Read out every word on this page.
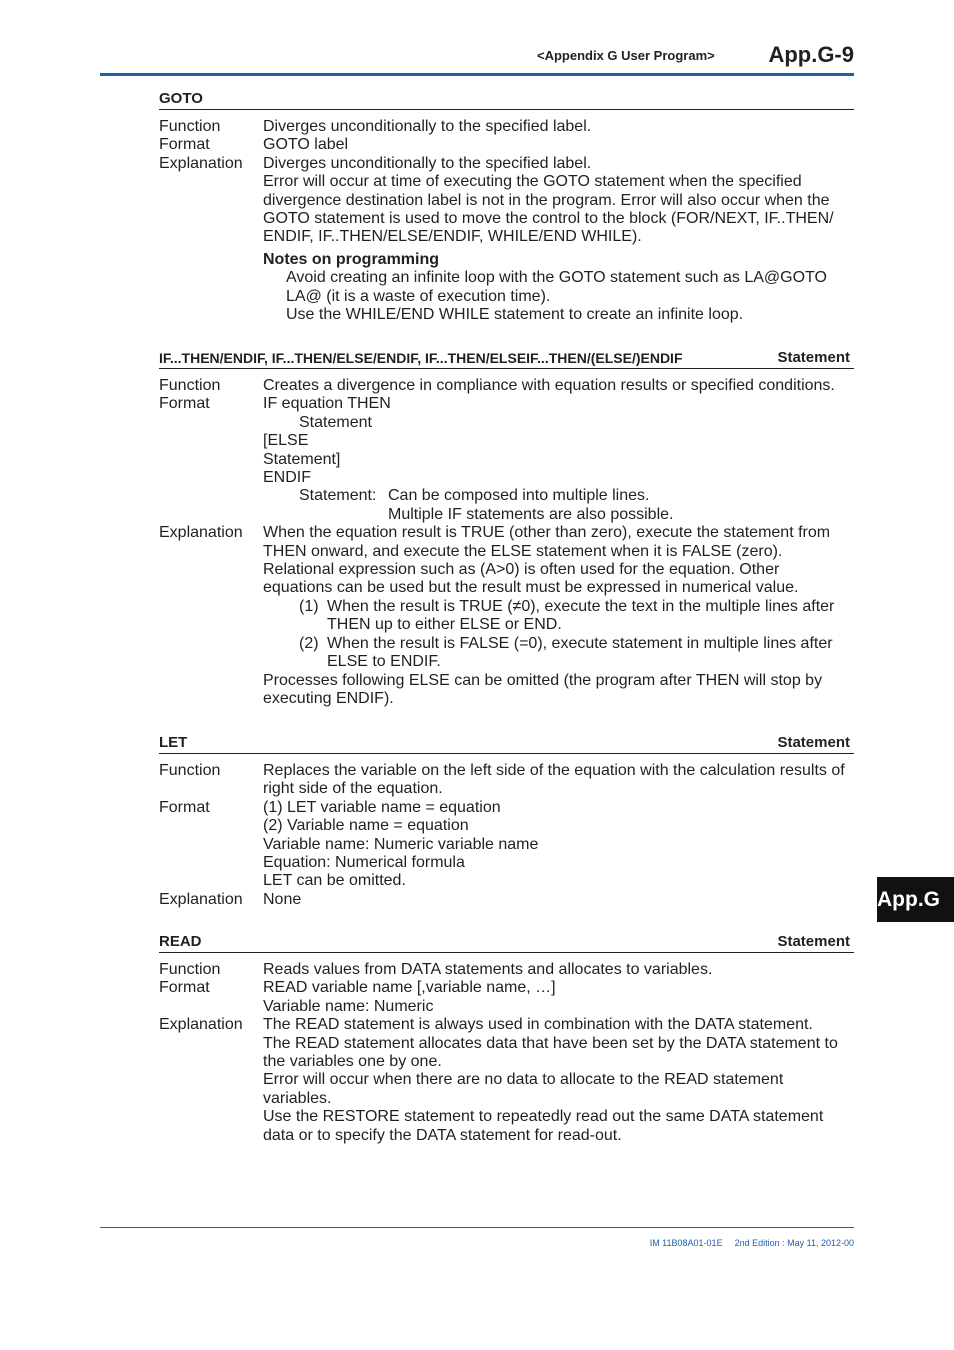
<Appendix G User Program> App.G-9
GOTO
Function	Diverges unconditionally to the specified label.
Format	GOTO label
Explanation Diverges unconditionally to the specified label.
Error will occur at time of executing the GOTO statement when the specified
divergence destination label is not in the program. Error will also occur when the
GOTO statement is used to move the control to the block (FOR/NEXT, IF..THEN/
ENDIF, IF..THEN/ELSE/ENDIF, WHILE/END WHILE).
Notes on programming
Avoid creating an infinite loop with the GOTO statement such as LA@GOTO
LA@ (it is a waste of execution time).
Use the WHILE/END WHILE statement to create an infinite loop.
IF...THEN/ENDIF, IF...THEN/ELSE/ENDIF, IF...THEN/ELSEIF...THEN/(ELSE/)ENDIF	Statement
Function	Creates a divergence in compliance with equation results or specified conditions.
Format	IF equation THEN
Statement
[ELSE
Statement]
ENDIF
Statement: Can be composed into multiple lines.
Multiple IF statements are also possible.
Explanation When the equation result is TRUE (other than zero), execute the statement from
THEN onward, and execute the ELSE statement when it is FALSE (zero).
Relational expression such as (A>0) is often used for the equation. Other
equations can be used but the result must be expressed in numerical value.
(1) When the result is TRUE (≠0), execute the text in the multiple lines after
THEN up to either ELSE or END.
(2) When the result is FALSE (=0), execute statement in multiple lines after
ELSE to ENDIF.
Processes following ELSE can be omitted (the program after THEN will stop by
executing ENDIF).
LET	Statement
Function	Replaces the variable on the left side of the equation with the calculation results of
right side of the equation.
Format	(1) LET variable name = equation
(2) Variable name = equation
Variable name: Numeric variable name
Equation: Numerical formula
LET can be omitted.
Explanation None
READ	Statement
Function	Reads values from DATA statements and allocates to variables.
Format	READ variable name [,variable name, …]
Variable name: Numeric
Explanation The READ statement is always used in combination with the DATA statement.
The READ statement allocates data that have been set by the DATA statement to
the variables one by one.
Error will occur when there are no data to allocate to the READ statement
variables.
Use the RESTORE statement to repeatedly read out the same DATA statement
data or to specify the DATA statement for read-out.
App.G
IM 11B08A01-01E 2nd Edition : May 11, 2012-00
